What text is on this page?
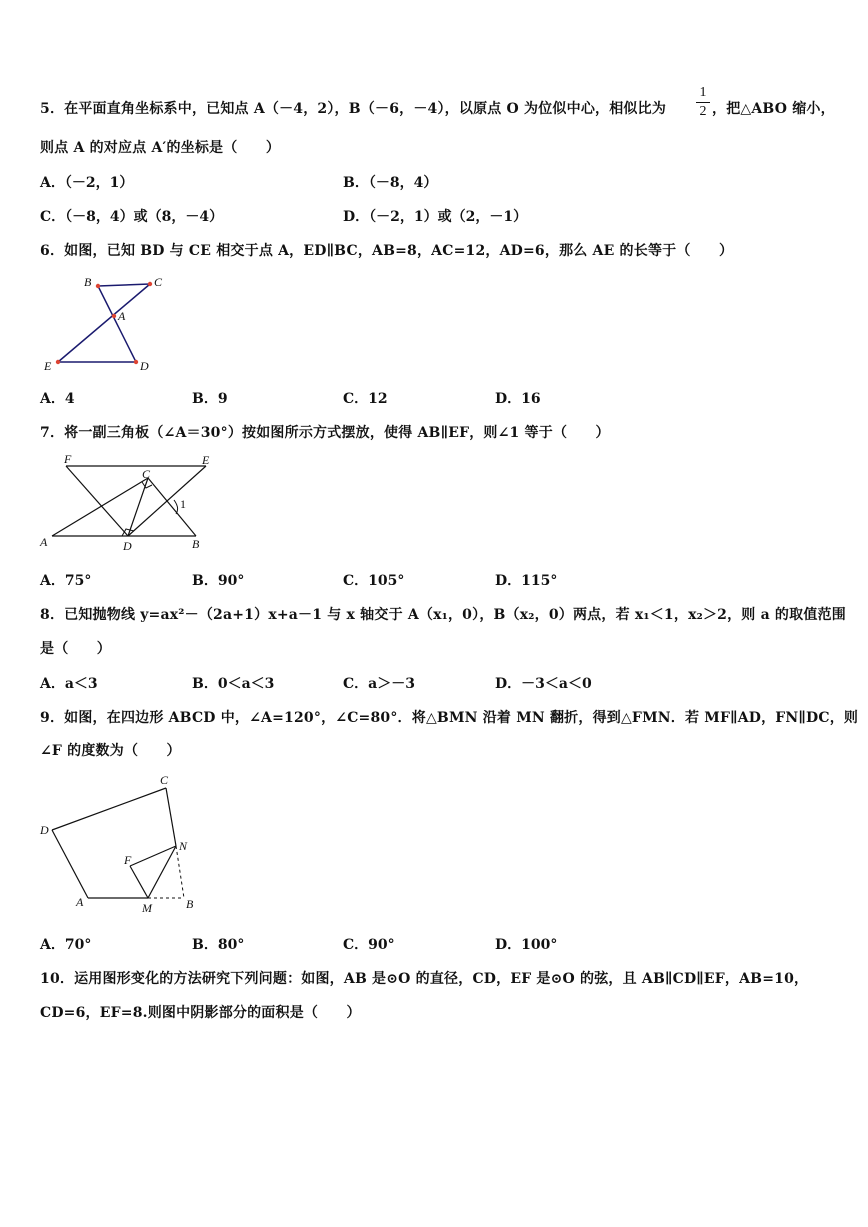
5．在平面直角坐标系中，已知点 A（－4，2），B（－6，－4），以原点 O 为位似中心，相似比为
1
2 ，把△ABO 缩小，
则点 A 的对应点 A′的坐标是（　　）
A．（－2，1）	B．（－8，4）
C．（－8，4）或（8，－4）	D．（－2，1）或（2，－1）
6．如图，已知 BD 与 CE 相交于点 A，ED∥BC，AB=8，AC=12，AD=6，那么 AE 的长等于（　　）
B	C
A
E	D
A．4	B．9	C．12	D．16
7．将一副三角板（∠A＝30°）按如图所示方式摆放，使得 AB∥EF，则∠1 等于（　　）
F	E
C
1
A	D	B
A．75°	B．90°	C．105°	D．115°
8．已知抛物线 y=ax²－（2a+1）x+a－1 与 x 轴交于 A（x₁，0），B（x₂，0）两点，若 x₁＜1，x₂＞2，则 a 的取值范围
是（　　）
A．a＜3	B．0＜a＜3	C．a＞－3	D．－3＜a＜0
9．如图，在四边形 ABCD 中，∠A=120°，∠C=80°．将△BMN 沿着 MN 翻折，得到△FMN．若 MF∥AD，FN∥DC，则
∠F 的度数为（　　）
C
D
F
N
A	M	B
A．70°	B．80°	C．90°	D．100°
10．运用图形变化的方法研究下列问题：如图，AB 是⊙O 的直径，CD，EF 是⊙O 的弦，且 AB∥CD∥EF，AB=10，
CD=6，EF=8.则图中阴影部分的面积是（　　）
